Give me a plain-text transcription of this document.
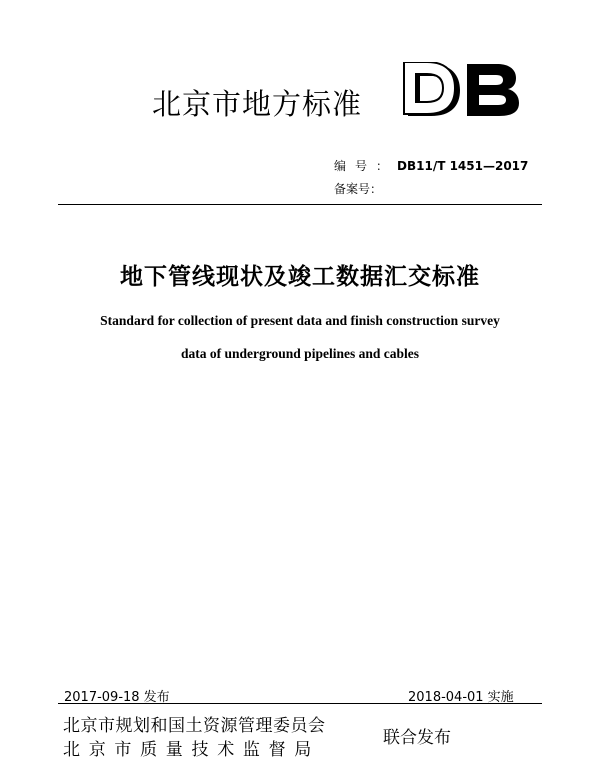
北京市地方标准
编号：DB11/T 1451—2017
备案号：
地下管线现状及竣工数据汇交标准
Standard for collection of present data and finish construction survey
data of underground pipelines and cables
2017-09-18 发布	2018-04-01 实施
北京市规划和国土资源管理委员会
北京市质量技术监督局
联合发布
